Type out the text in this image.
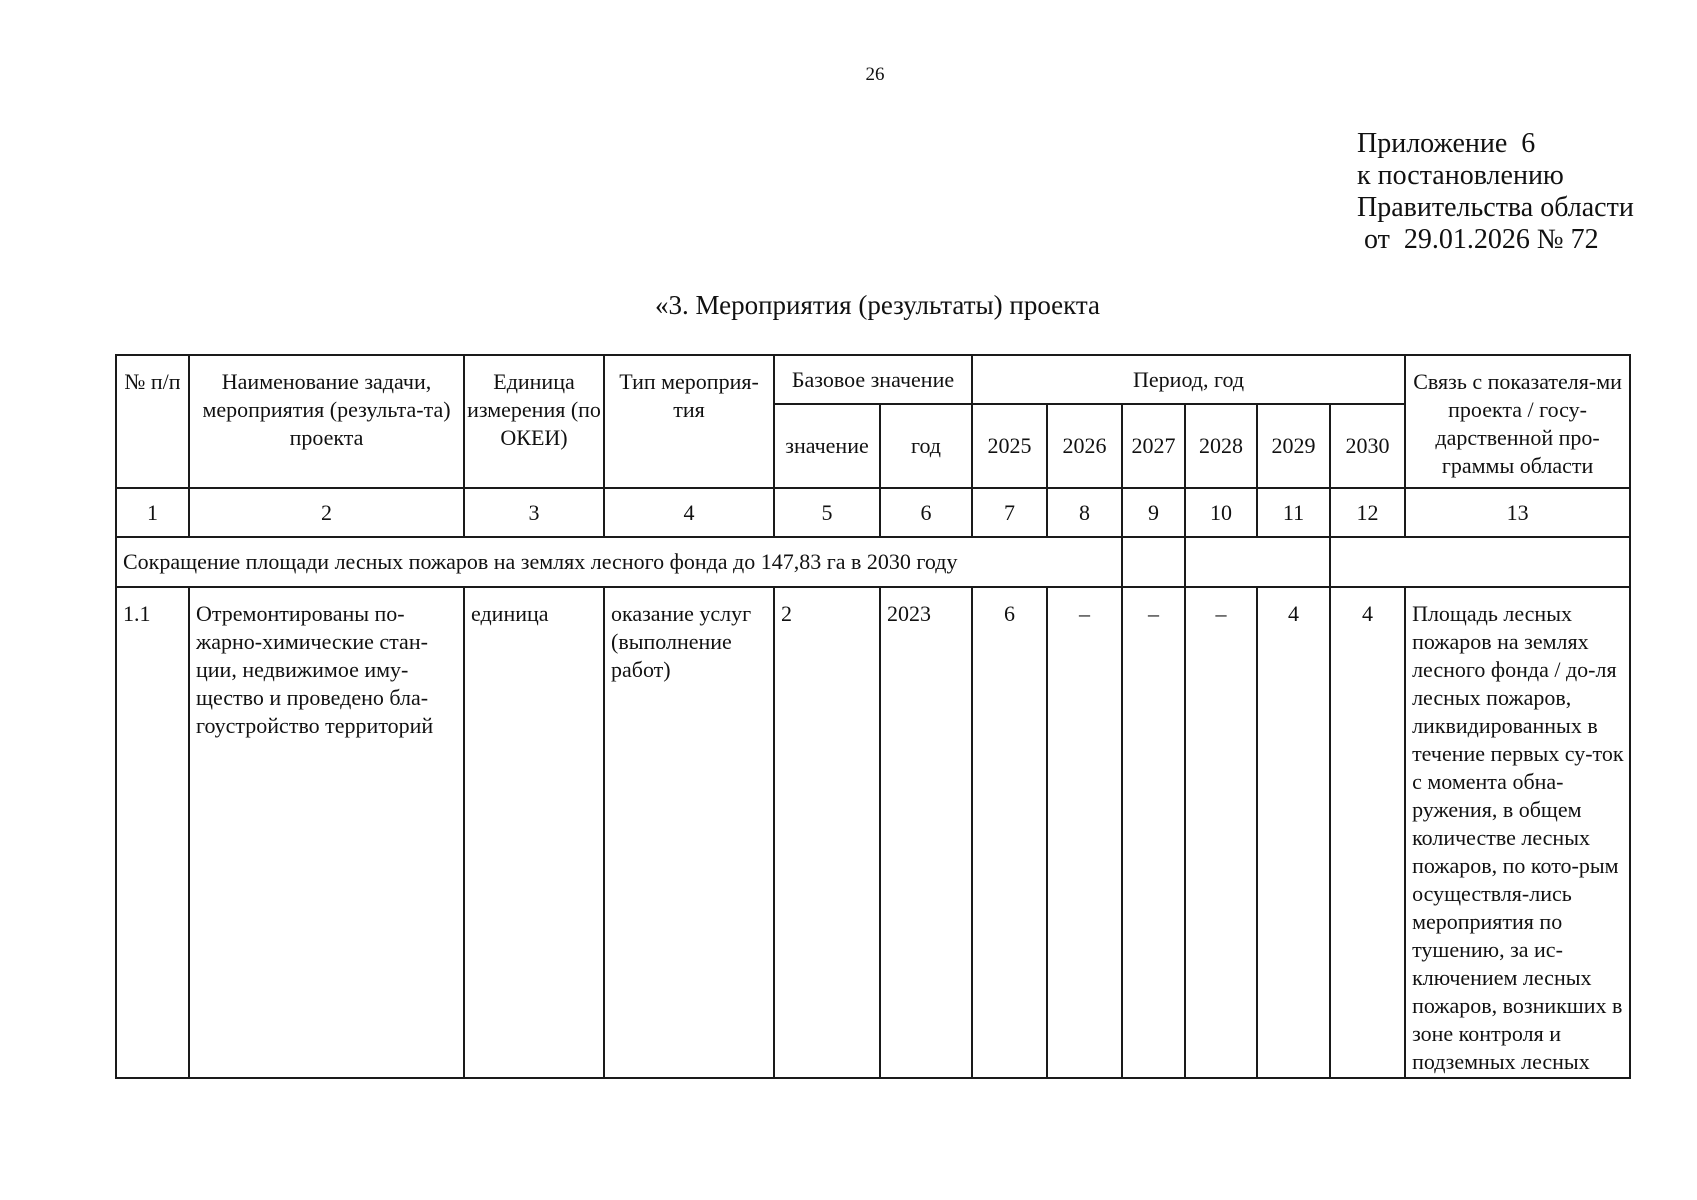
26
Приложение  6
к постановлению
Правительства области
от  29.01.2026 № 72
«3. Мероприятия (результаты) проекта
№ п/п	Наименование задачи, мероприятия (результа-та) проекта	Единица измерения (по ОКЕИ)	Тип мероприя-тия	Базовое значение		Период, год						Связь с показателя-ми проекта / госу-дарственной про-граммы области
				значение	год	2025	2026	2027	2028	2029	2030	
1	2	3	4	5	6	7	8	9	10	11	12	13
Сокращение площади лесных пожаров на землях лесного фонда до 147,83 га в 2030 году												
1.1	Отремонтированы по-жарно-химические стан-ции, недвижимое иму-щество и проведено бла-гоустройство территорий	единица	оказание услуг (выполнение работ)	2	2023	6	–	–	–	4	4	Площадь лесных пожаров на землях лесного фонда / до-ля лесных пожаров, ликвидированных в течение первых су-ток с момента обна-ружения, в общем количестве лесных пожаров, по кото-рым осуществля-лись мероприятия по тушению, за ис-ключением лесных пожаров, возникших в зоне контроля и подземных лесных
